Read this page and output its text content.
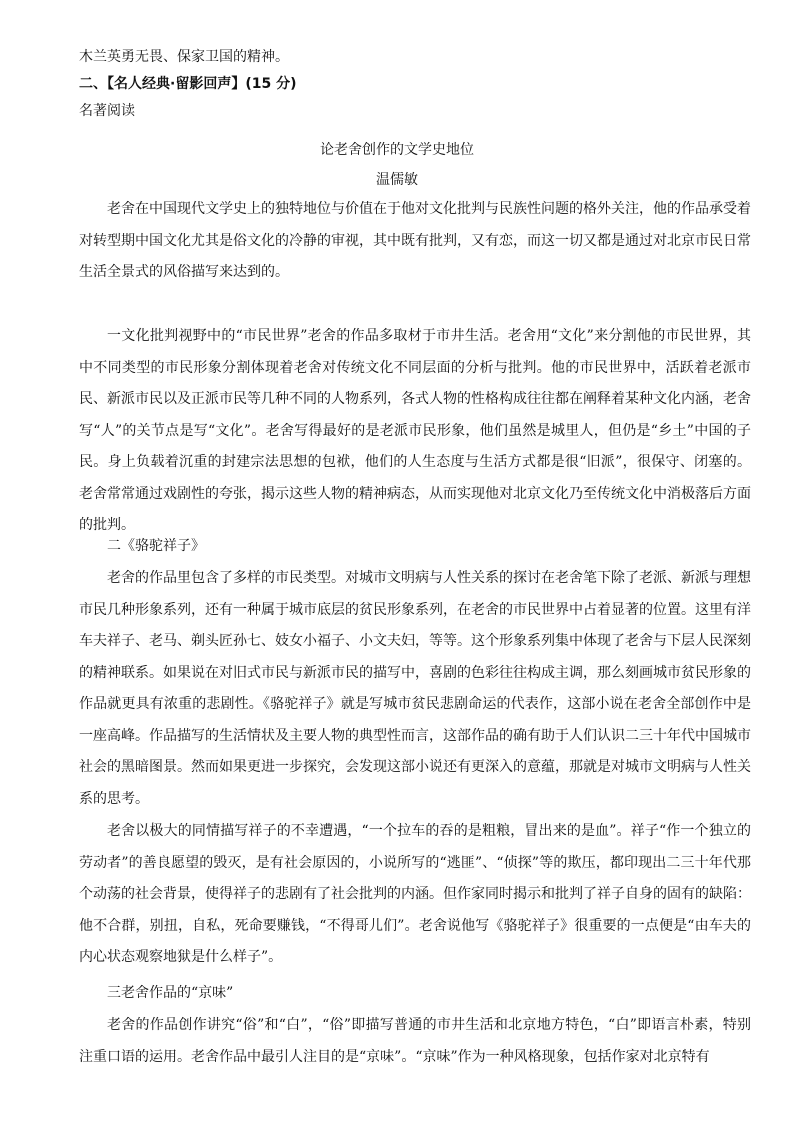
木兰英勇无畏、保家卫国的精神。
二、【名人经典·留影回声】(15 分)
名著阅读
论老舍创作的文学史地位
温儒敏

老舍在中国现代文学史上的独特地位与价值在于他对文化批判与民族性问题的格外关注，他的作品承受着对转型期中国文化尤其是俗文化的冷静的审视，其中既有批判，又有恋，而这一切又都是通过对北京市民日常生活全景式的风俗描写来达到的。

一文化批判视野中的“市民世界”老舍的作品多取材于市井生活。老舍用“文化”来分割他的市民世界，其中不同类型的市民形象分割体现着老舍对传统文化不同层面的分析与批判。他的市民世界中，活跃着老派市民、新派市民以及正派市民等几种不同的人物系列，各式人物的性格构成往往都在阐释着某种文化内涵，老舍写“人”的关节点是写“文化”。老舍写得最好的是老派市民形象，他们虽然是城里人，但仍是“乡土”中国的子民。身上负载着沉重的封建宗法思想的包袱，他们的人生态度与生活方式都是很“旧派”，很保守、闭塞的。老舍常常通过戏剧性的夸张，揭示这些人物的精神病态，从而实现他对北京文化乃至传统文化中消极落后方面的批判。

二《骆驼祥子》

老舍的作品里包含了多样的市民类型。对城市文明病与人性关系的探讨在老舍笔下除了老派、新派与理想市民几种形象系列，还有一种属于城市底层的贫民形象系列，在老舍的市民世界中占着显著的位置。这里有洋车夫祥子、老马、剃头匠孙七、妓女小福子、小文夫妇，等等。这个形象系列集中体现了老舍与下层人民深刻的精神联系。如果说在对旧式市民与新派市民的描写中，喜剧的色彩往往构成主调，那么刻画城市贫民形象的作品就更具有浓重的悲剧性。《骆驼祥子》就是写城市贫民悲剧命运的代表作，这部小说在老舍全部创作中是一座高峰。作品描写的生活情状及主要人物的典型性而言，这部作品的确有助于人们认识二三十年代中国城市社会的黑暗图景。然而如果更进一步探究，会发现这部小说还有更深入的意蕴，那就是对城市文明病与人性关系的思考。

老舍以极大的同情描写祥子的不幸遭遇，“一个拉车的吞的是粗粮，冒出来的是血”。祥子“作一个独立的劳动者”的善良愿望的毁灭，是有社会原因的，小说所写的“逃匪”、“侦探”等的欺压，都印现出二三十年代那个动荡的社会背景，使得祥子的悲剧有了社会批判的内涵。但作家同时揭示和批判了祥子自身的固有的缺陷：他不合群，别扭，自私，死命要赚钱，“不得哥儿们”。老舍说他写《骆驼祥子》很重要的一点便是“由车夫的内心状态观察地狱是什么样子”。

三老舍作品的“京味”

老舍的作品创作讲究“俗”和“白”，“俗”即描写普通的市井生活和北京地方特色，“白”即语言朴素，特别注重口语的运用。老舍作品中最引人注目的是“京味”。“京味”作为一种风格现象，包括作家对北京特有
